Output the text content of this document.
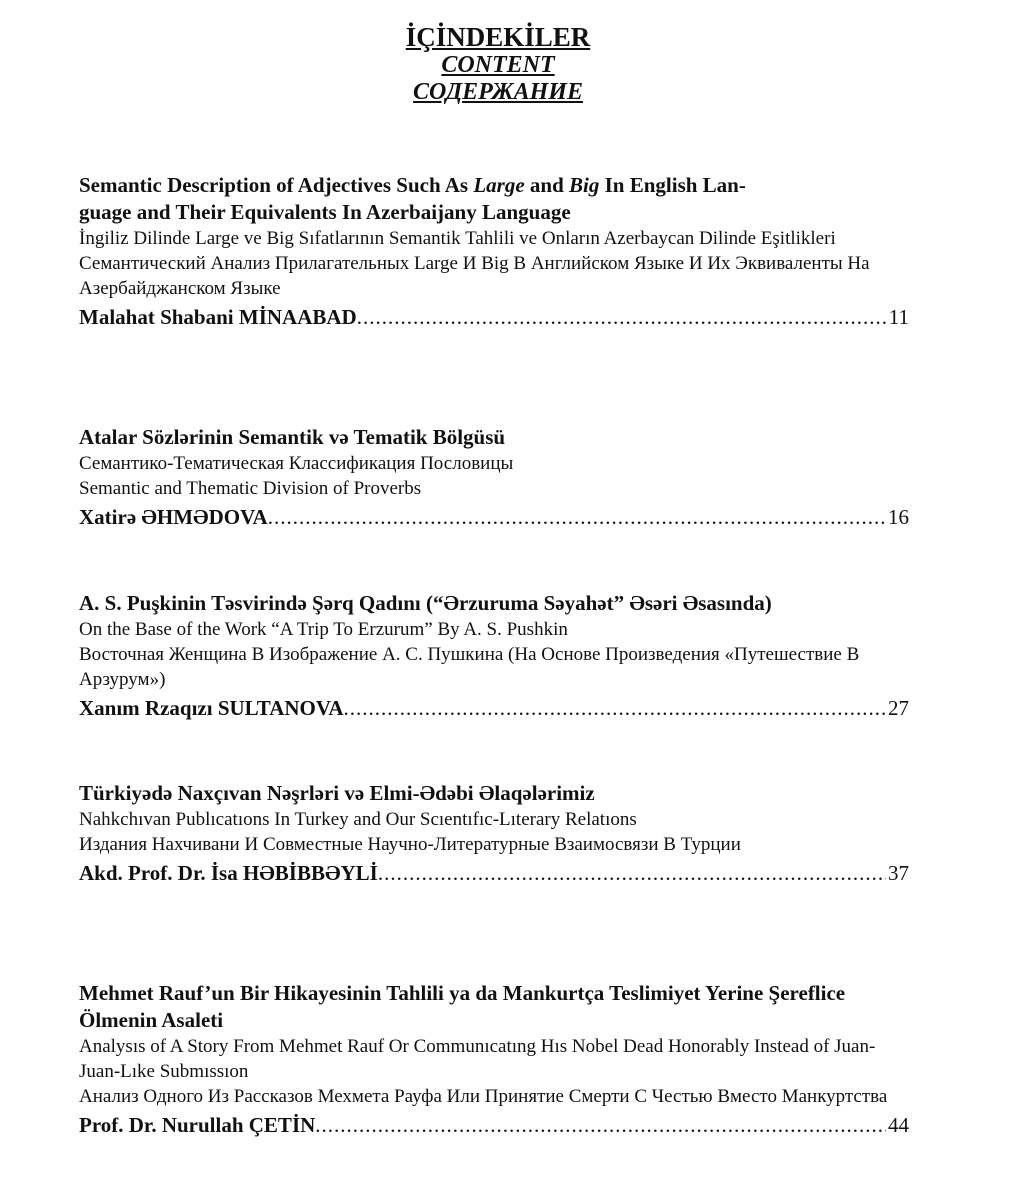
İÇİNDEKİLER
CONTENT
СОДЕРЖАНИЕ
Semantic Description of Adjectives Such As Large and Big In English Lan-
guage and Their Equivalents In Azerbaijany Language
İngiliz Dilinde Large ve Big Sıfatlarının Semantik Tahlili ve Onların Azerbaycan Dilinde Eşitlikleri
Семантический Анализ Прилагательных Large И Big В Английском Языке И Их Эквиваленты На Азербайджанском Языке
Malahat Shabani MİNAABAD .....	11
Atalar Sözlərinin Semantik və Tematik Bölgüsü
Семантико-Тематическая Классификация Пословицы
Semantic and Thematic Division of Proverbs
Xatirə ƏHMƏDOVA .....	16
A. S. Puşkinin Təsvirində Şərq Qadını (“Ərzuruma Səyahət” Əsəri Əsasında)
On the Base of the Work “A Trip To Erzurum” By A. S. Pushkin
Восточная Женщина В Изображение А. С. Пушкина (На Основе Произведения «Путешествие В Арзурум»)
Xanım Rzaqızı SULTANOVA .....	27
Türkiyədə Naxçıvan Nəşrləri və Elmi-Ədəbi Əlaqələrimiz
Nahkchıvan Publıcatıons In Turkey and Our Scıentıfıc-Lıterary Relatıons
Издания Нахчивани И Совместные Научно-Литературные Взаимосвязи В Турции
Akd. Prof. Dr. İsa HƏBİBBƏYLİ .....	37
Mehmet Rauf’un Bir Hikayesinin Tahlili ya da Mankurtça Teslimiyet Yerine Şereflice Ölmenin Asaleti
Analysıs of A Story From Mehmet Rauf Or Communıcatıng Hıs Nobel Dead Honorably Instead of Juan-Juan-Lıke Submıssıon
Анализ Одного Из Рассказов Мехмета Рауфа Или Принятие Смерти С Честью Вместо Манкуртства
Prof. Dr. Nurullah ÇETİN .....	44
